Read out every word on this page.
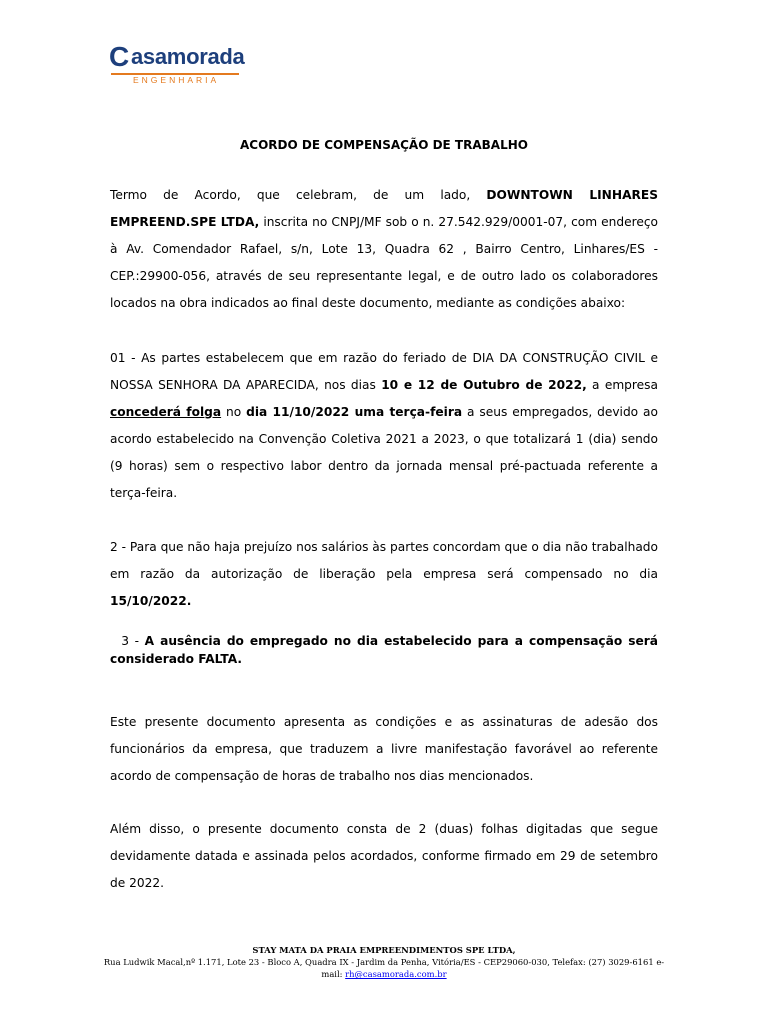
C asamorada
ENGENHARIA
ACORDO DE COMPENSAÇÃO DE TRABALHO
Termo de Acordo, que celebram, de um lado, DOWNTOWN LINHARES EMPREEND.SPE LTDA, inscrita no CNPJ/MF sob o n. 27.542.929/0001-07, com endereço à Av. Comendador Rafael, s/n, Lote 13, Quadra 62 , Bairro Centro, Linhares/ES -CEP.:29900-056, através de seu representante legal, e de outro lado os colaboradores locados na obra indicados ao final deste documento, mediante as condições abaixo:
01 - As partes estabelecem que em razão do feriado de DIA DA CONSTRUÇÃO CIVIL e NOSSA SENHORA DA APARECIDA, nos dias 10 e 12 de Outubro de 2022, a empresa concederá folga no dia 11/10/2022 uma terça-feira a seus empregados, devido ao acordo estabelecido na Convenção Coletiva 2021 a 2023, o que totalizará 1 (dia) sendo (9 horas) sem o respectivo labor dentro da jornada mensal pré-pactuada referente a terça-feira.
2 - Para que não haja prejuízo nos salários às partes concordam que o dia não trabalhado em razão da autorização de liberação pela empresa será compensado no dia 15/10/2022.
3 - A ausência do empregado no dia estabelecido para a compensação será considerado FALTA.
Este presente documento apresenta as condições e as assinaturas de adesão dos funcionários da empresa, que traduzem a livre manifestação favorável ao referente acordo de compensação de horas de trabalho nos dias mencionados.
Além disso, o presente documento consta de 2 (duas) folhas digitadas que segue devidamente datada e assinada pelos acordados, conforme firmado em 29 de setembro de 2022.
STAY MATA DA PRAIA EMPREENDIMENTOS SPE LTDA,
Rua Ludwik Macal,nº 1.171, Lote 23 - Bloco A, Quadra IX - Jardim da Penha, Vitória/ES - CEP29060-030, Telefax: (27) 3029-6161 e-mail: rh@casamorada.com.br
